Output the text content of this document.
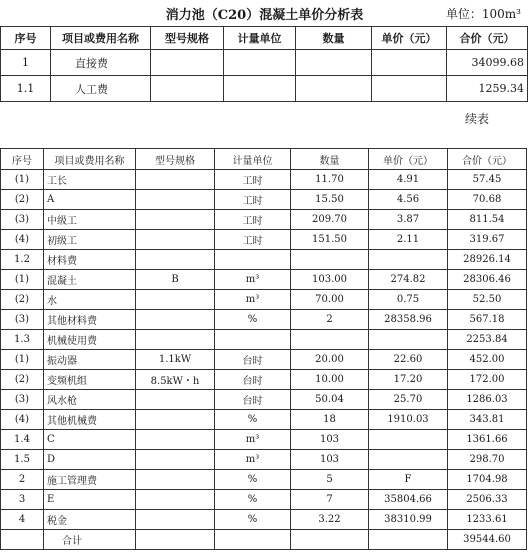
消力池（C20）混凝土单价分析表	单位：100m³
序号	项目或费用名称	型号规格	计量单位	数量	单价（元）	合价（元）
1	直接费					34099.68
1.1	人工费					1259.34
续表
序号	项目或费用名称	型号规格	计量单位	数量	单价（元）	合价（元）
(1)	工长		工时	11.70	4.91	57.45
(2)	A		工时	15.50	4.56	70.68
(3)	中级工		工时	209.70	3.87	811.54
(4)	初级工		工时	151.50	2.11	319.67
1.2	材料费					28926.14
(1)	混凝土	B	m³	103.00	274.82	28306.46
(2)	水		m³	70.00	0.75	52.50
(3)	其他材料费		%	2	28358.96	567.18
1.3	机械使用费					2253.84
(1)	振动器	1.1kW	台时	20.00	22.60	452.00
(2)	变频机组	8.5kW・h	台时	10.00	17.20	172.00
(3)	风水枪		台时	50.04	25.70	1286.03
(4)	其他机械费		%	18	1910.03	343.81
1.4	C		m³	103		1361.66
1.5	D		m³	103		298.70
2	施工管理费		%	5	F	1704.98
3	E		%	7	35804.66	2506.33
4	税金		%	3.22	38310.99	1233.61
	合计					39544.60
